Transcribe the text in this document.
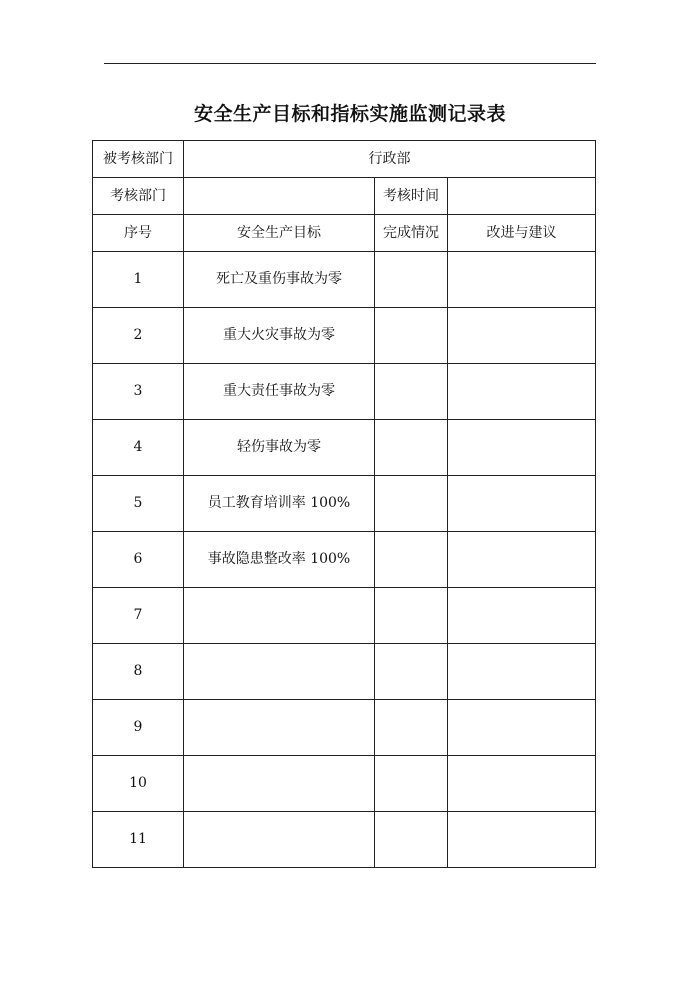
安全生产目标和指标实施监测记录表
被考核部门	行政部		
考核部门		考核时间	
序号	安全生产目标	完成情况	改进与建议
1	死亡及重伤事故为零		
2	重大火灾事故为零		
3	重大责任事故为零		
4	轻伤事故为零		
5	员工教育培训率 100%		
6	事故隐患整改率 100%		
7			
8			
9			
10			
11			
